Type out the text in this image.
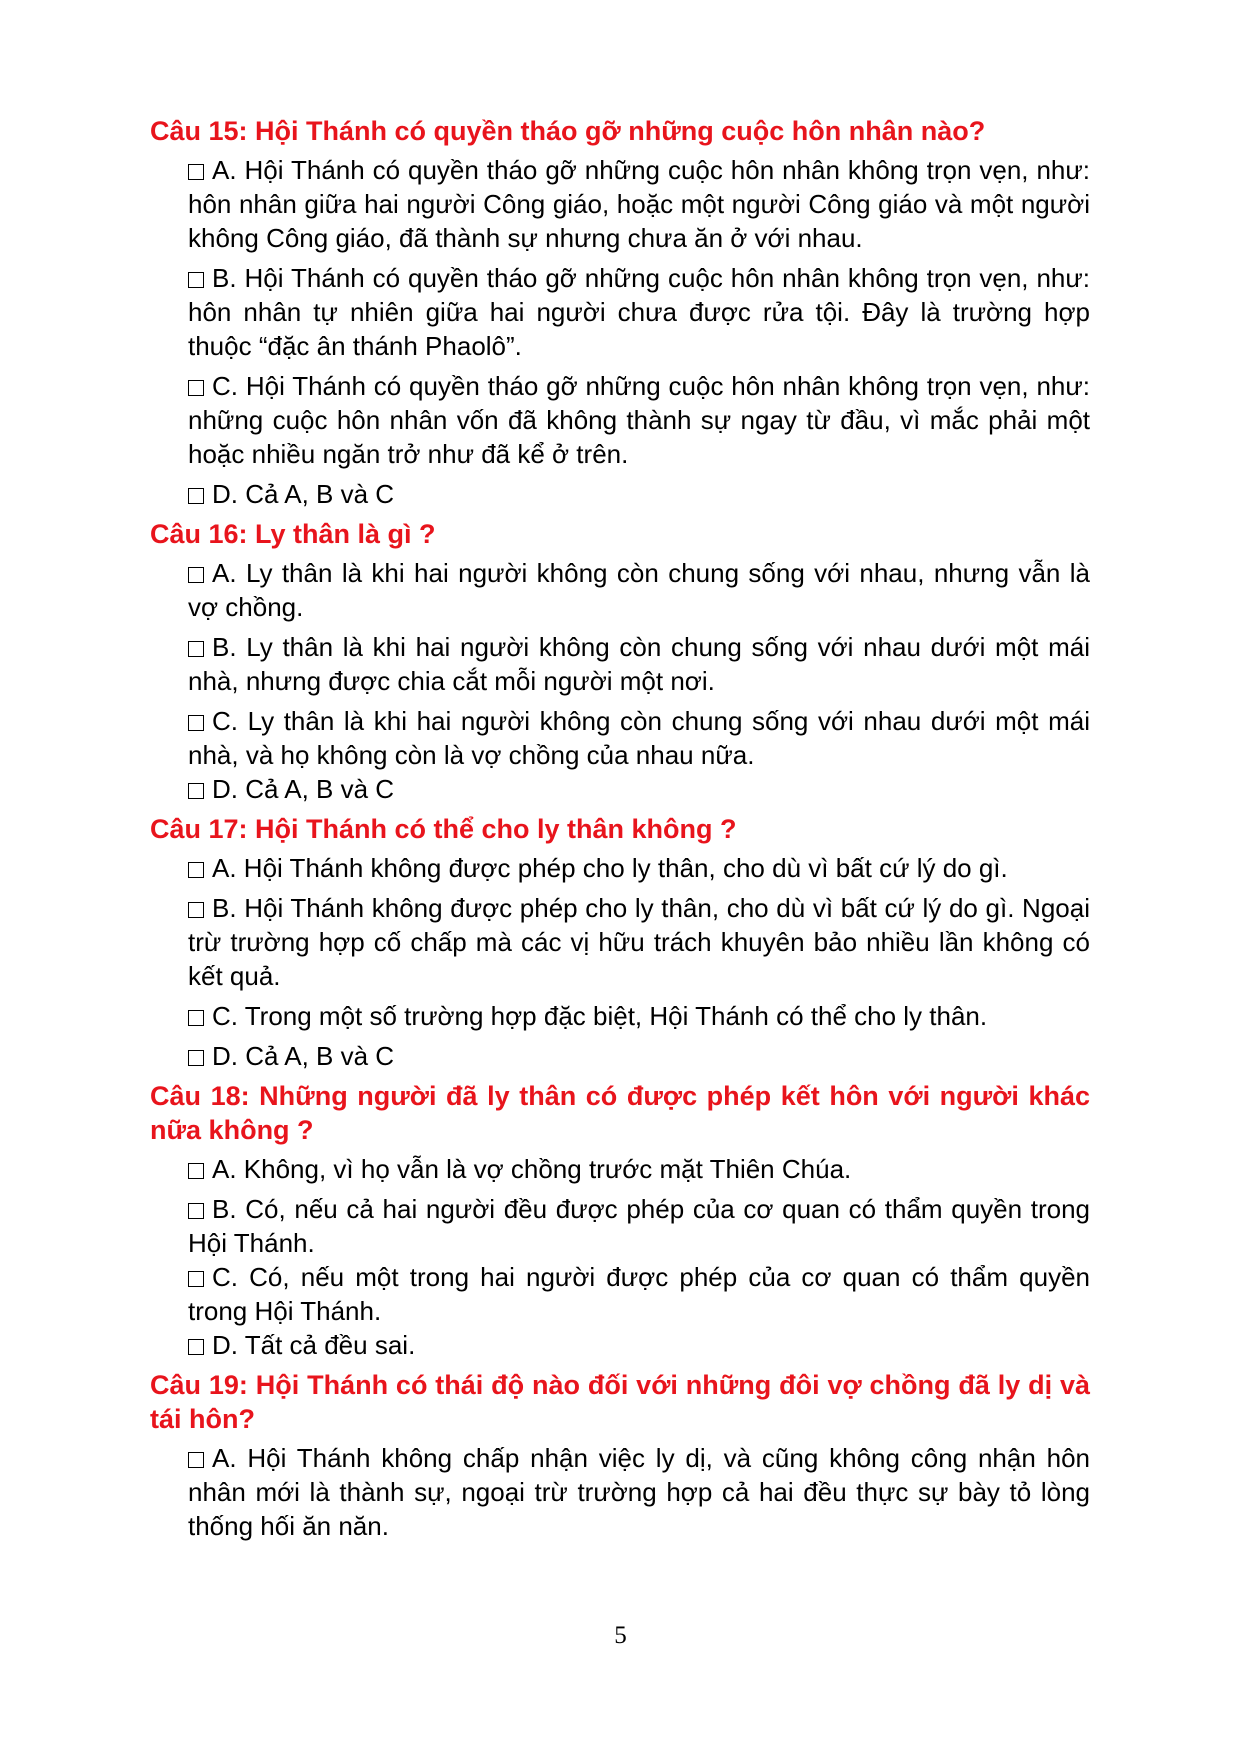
Câu 15: Hội Thánh có quyền tháo gỡ những cuộc hôn nhân nào?

A. Hội Thánh có quyền tháo gỡ những cuộc hôn nhân không trọn vẹn, như: hôn nhân giữa hai người Công giáo, hoặc một người Công giáo và một người không Công giáo, đã thành sự nhưng chưa ăn ở với nhau.

B. Hội Thánh có quyền tháo gỡ những cuộc hôn nhân không trọn vẹn, như: hôn nhân tự nhiên giữa hai người chưa được rửa tội. Đây là trường hợp thuộc “đặc ân thánh Phaolô”.

C. Hội Thánh có quyền tháo gỡ những cuộc hôn nhân không trọn vẹn, như: những cuộc hôn nhân vốn đã không thành sự ngay từ đầu, vì mắc phải một hoặc nhiều ngăn trở như đã kể ở trên.

D. Cả A, B và C

Câu 16: Ly thân là gì ?

A. Ly thân là khi hai người không còn chung sống với nhau, nhưng vẫn là vợ chồng.

B. Ly thân là khi hai người không còn chung sống với nhau dưới một mái nhà, nhưng được chia cắt mỗi người một nơi.

C. Ly thân là khi hai người không còn chung sống với nhau dưới một mái nhà, và họ không còn là vợ chồng của nhau nữa.

D. Cả A, B và C

Câu 17: Hội Thánh có thể cho ly thân không ?

A. Hội Thánh không được phép cho ly thân, cho dù vì bất cứ lý do gì.

B. Hội Thánh không được phép cho ly thân, cho dù vì bất cứ lý do gì. Ngoại trừ trường hợp cố chấp mà các vị hữu trách khuyên bảo nhiều lần không có kết quả.

C. Trong một số trường hợp đặc biệt, Hội Thánh có thể cho ly thân.

D. Cả A, B và C

Câu 18: Những người đã ly thân có được phép kết hôn với người khác nữa không ?

A. Không, vì họ vẫn là vợ chồng trước mặt Thiên Chúa.

B. Có, nếu cả hai người đều được phép của cơ quan có thẩm quyền trong Hội Thánh.

C. Có, nếu một trong hai người được phép của cơ quan có thẩm quyền trong Hội Thánh.

D. Tất cả đều sai.

Câu 19: Hội Thánh có thái độ nào đối với những đôi vợ chồng đã ly dị và tái hôn?

A. Hội Thánh không chấp nhận việc ly dị, và cũng không công nhận hôn nhân mới là thành sự, ngoại trừ trường hợp cả hai đều thực sự bày tỏ lòng thống hối ăn năn.

5
